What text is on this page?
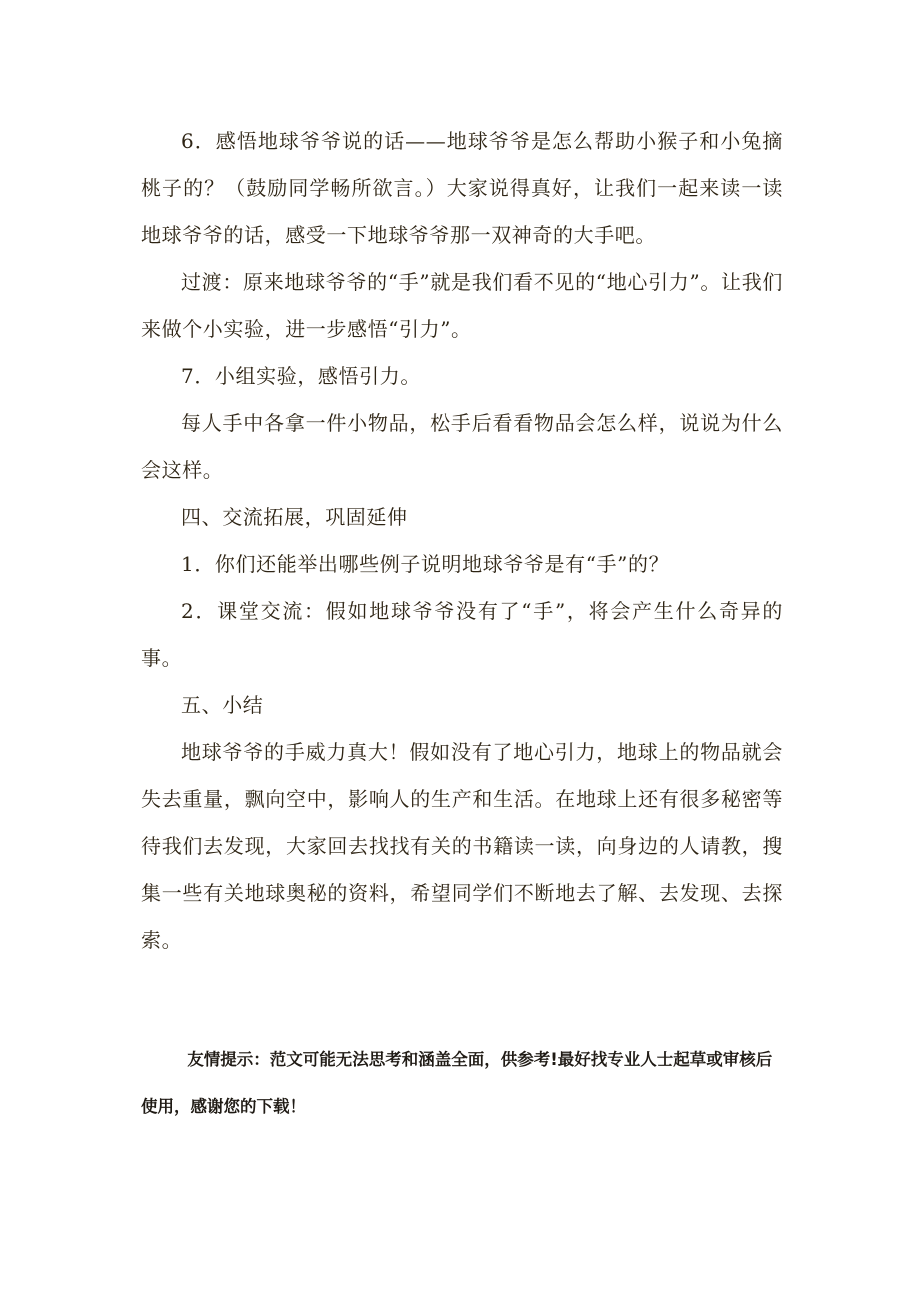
6．感悟地球爷爷说的话——地球爷爷是怎么帮助小猴子和小兔摘桃子的？（鼓励同学畅所欲言。）大家说得真好，让我们一起来读一读地球爷爷的话，感受一下地球爷爷那一双神奇的大手吧。

过渡：原来地球爷爷的“手”就是我们看不见的“地心引力”。让我们来做个小实验，进一步感悟“引力”。

7．小组实验，感悟引力。

每人手中各拿一件小物品，松手后看看物品会怎么样，说说为什么会这样。

四、交流拓展，巩固延伸

1．你们还能举出哪些例子说明地球爷爷是有“手”的？

2．课堂交流：假如地球爷爷没有了“手”，将会产生什么奇异的事。

五、小结

地球爷爷的手威力真大！假如没有了地心引力，地球上的物品就会失去重量，飘向空中，影响人的生产和生活。在地球上还有很多秘密等待我们去发现，大家回去找找有关的书籍读一读，向身边的人请教，搜集一些有关地球奥秘的资料，希望同学们不断地去了解、去发现、去探索。

友情提示：范文可能无法思考和涵盖全面，供参考!最好找专业人士起草或审核后使用，感谢您的下载！
